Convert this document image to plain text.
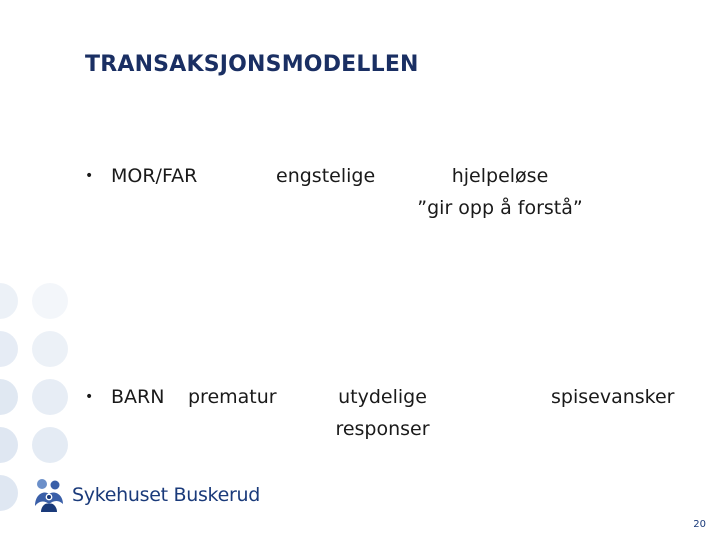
TRANSAKSJONSMODELLEN
• MOR/FAR	engstelige	hjelpeløse
”gir opp å forstå”
• BARN prematur	utydelige
responser
spisevansker
Sykehuset Buskerud
20
